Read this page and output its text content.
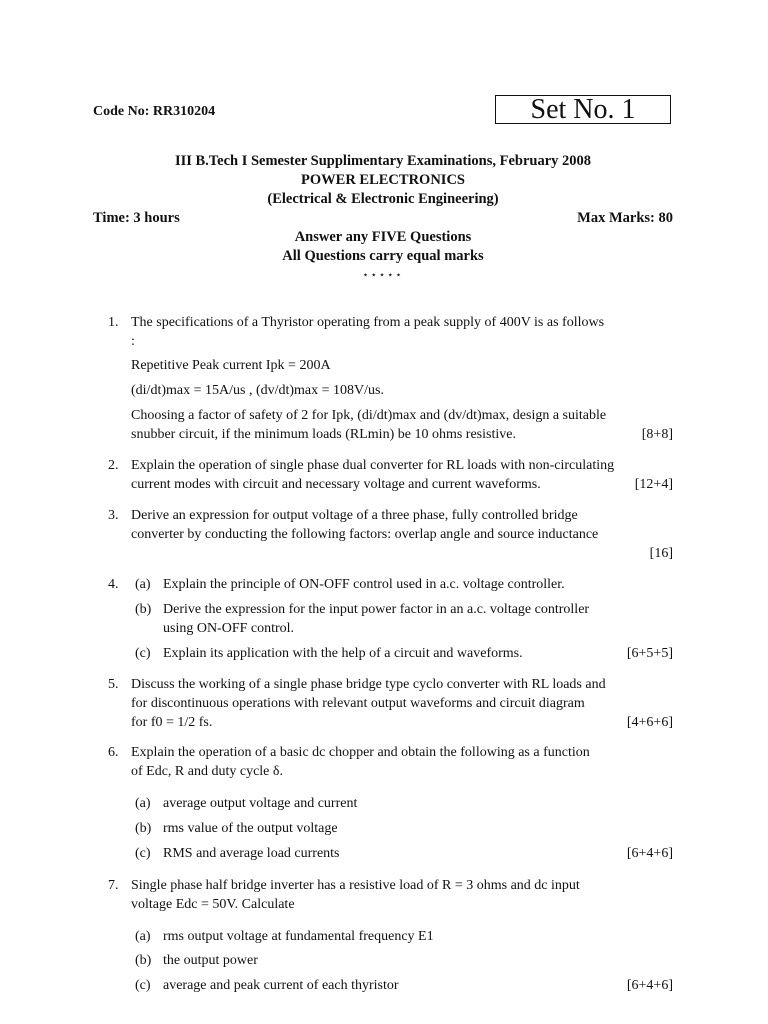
Code No: RR310204	Set No. 1
III B.Tech I Semester Supplimentary Examinations, February 2008
POWER ELECTRONICS
(Electrical & Electronic Engineering)
Time: 3 hours	Max Marks: 80
Answer any FIVE Questions
All Questions carry equal marks
⋆⋆⋆⋆⋆
1. The specifications of a Thyristor operating from a peak supply of 400V is as follows
:
Repetitive Peak current Ipk = 200A
(di/dt)max = 15A/us , (dv/dt)max = 108V/us.
Choosing a factor of safety of 2 for Ipk, (di/dt)max and (dv/dt)max, design a suitable
snubber circuit, if the minimum loads (RLmin) be 10 ohms resistive.	[8+8]
2. Explain the operation of single phase dual converter for RL loads with non-circulating
current modes with circuit and necessary voltage and current waveforms.	[12+4]
3. Derive an expression for output voltage of a three phase, fully controlled bridge
converter by conducting the following factors: overlap angle and source inductance
[16]
4. (a) Explain the principle of ON-OFF control used in a.c. voltage controller.
(b) Derive the expression for the input power factor in an a.c. voltage controller
using ON-OFF control.
(c) Explain its application with the help of a circuit and waveforms.	[6+5+5]
5. Discuss the working of a single phase bridge type cyclo converter with RL loads and
for discontinuous operations with relevant output waveforms and circuit diagram
for f0 = 1/2 fs.	[4+6+6]
6. Explain the operation of a basic dc chopper and obtain the following as a function
of Edc, R and duty cycle δ.
(a) average output voltage and current
(b) rms value of the output voltage
(c) RMS and average load currents	[6+4+6]
7. Single phase half bridge inverter has a resistive load of R = 3 ohms and dc input
voltage Edc = 50V. Calculate
(a) rms output voltage at fundamental frequency E1
(b) the output power
(c) average and peak current of each thyristor	[6+4+6]
